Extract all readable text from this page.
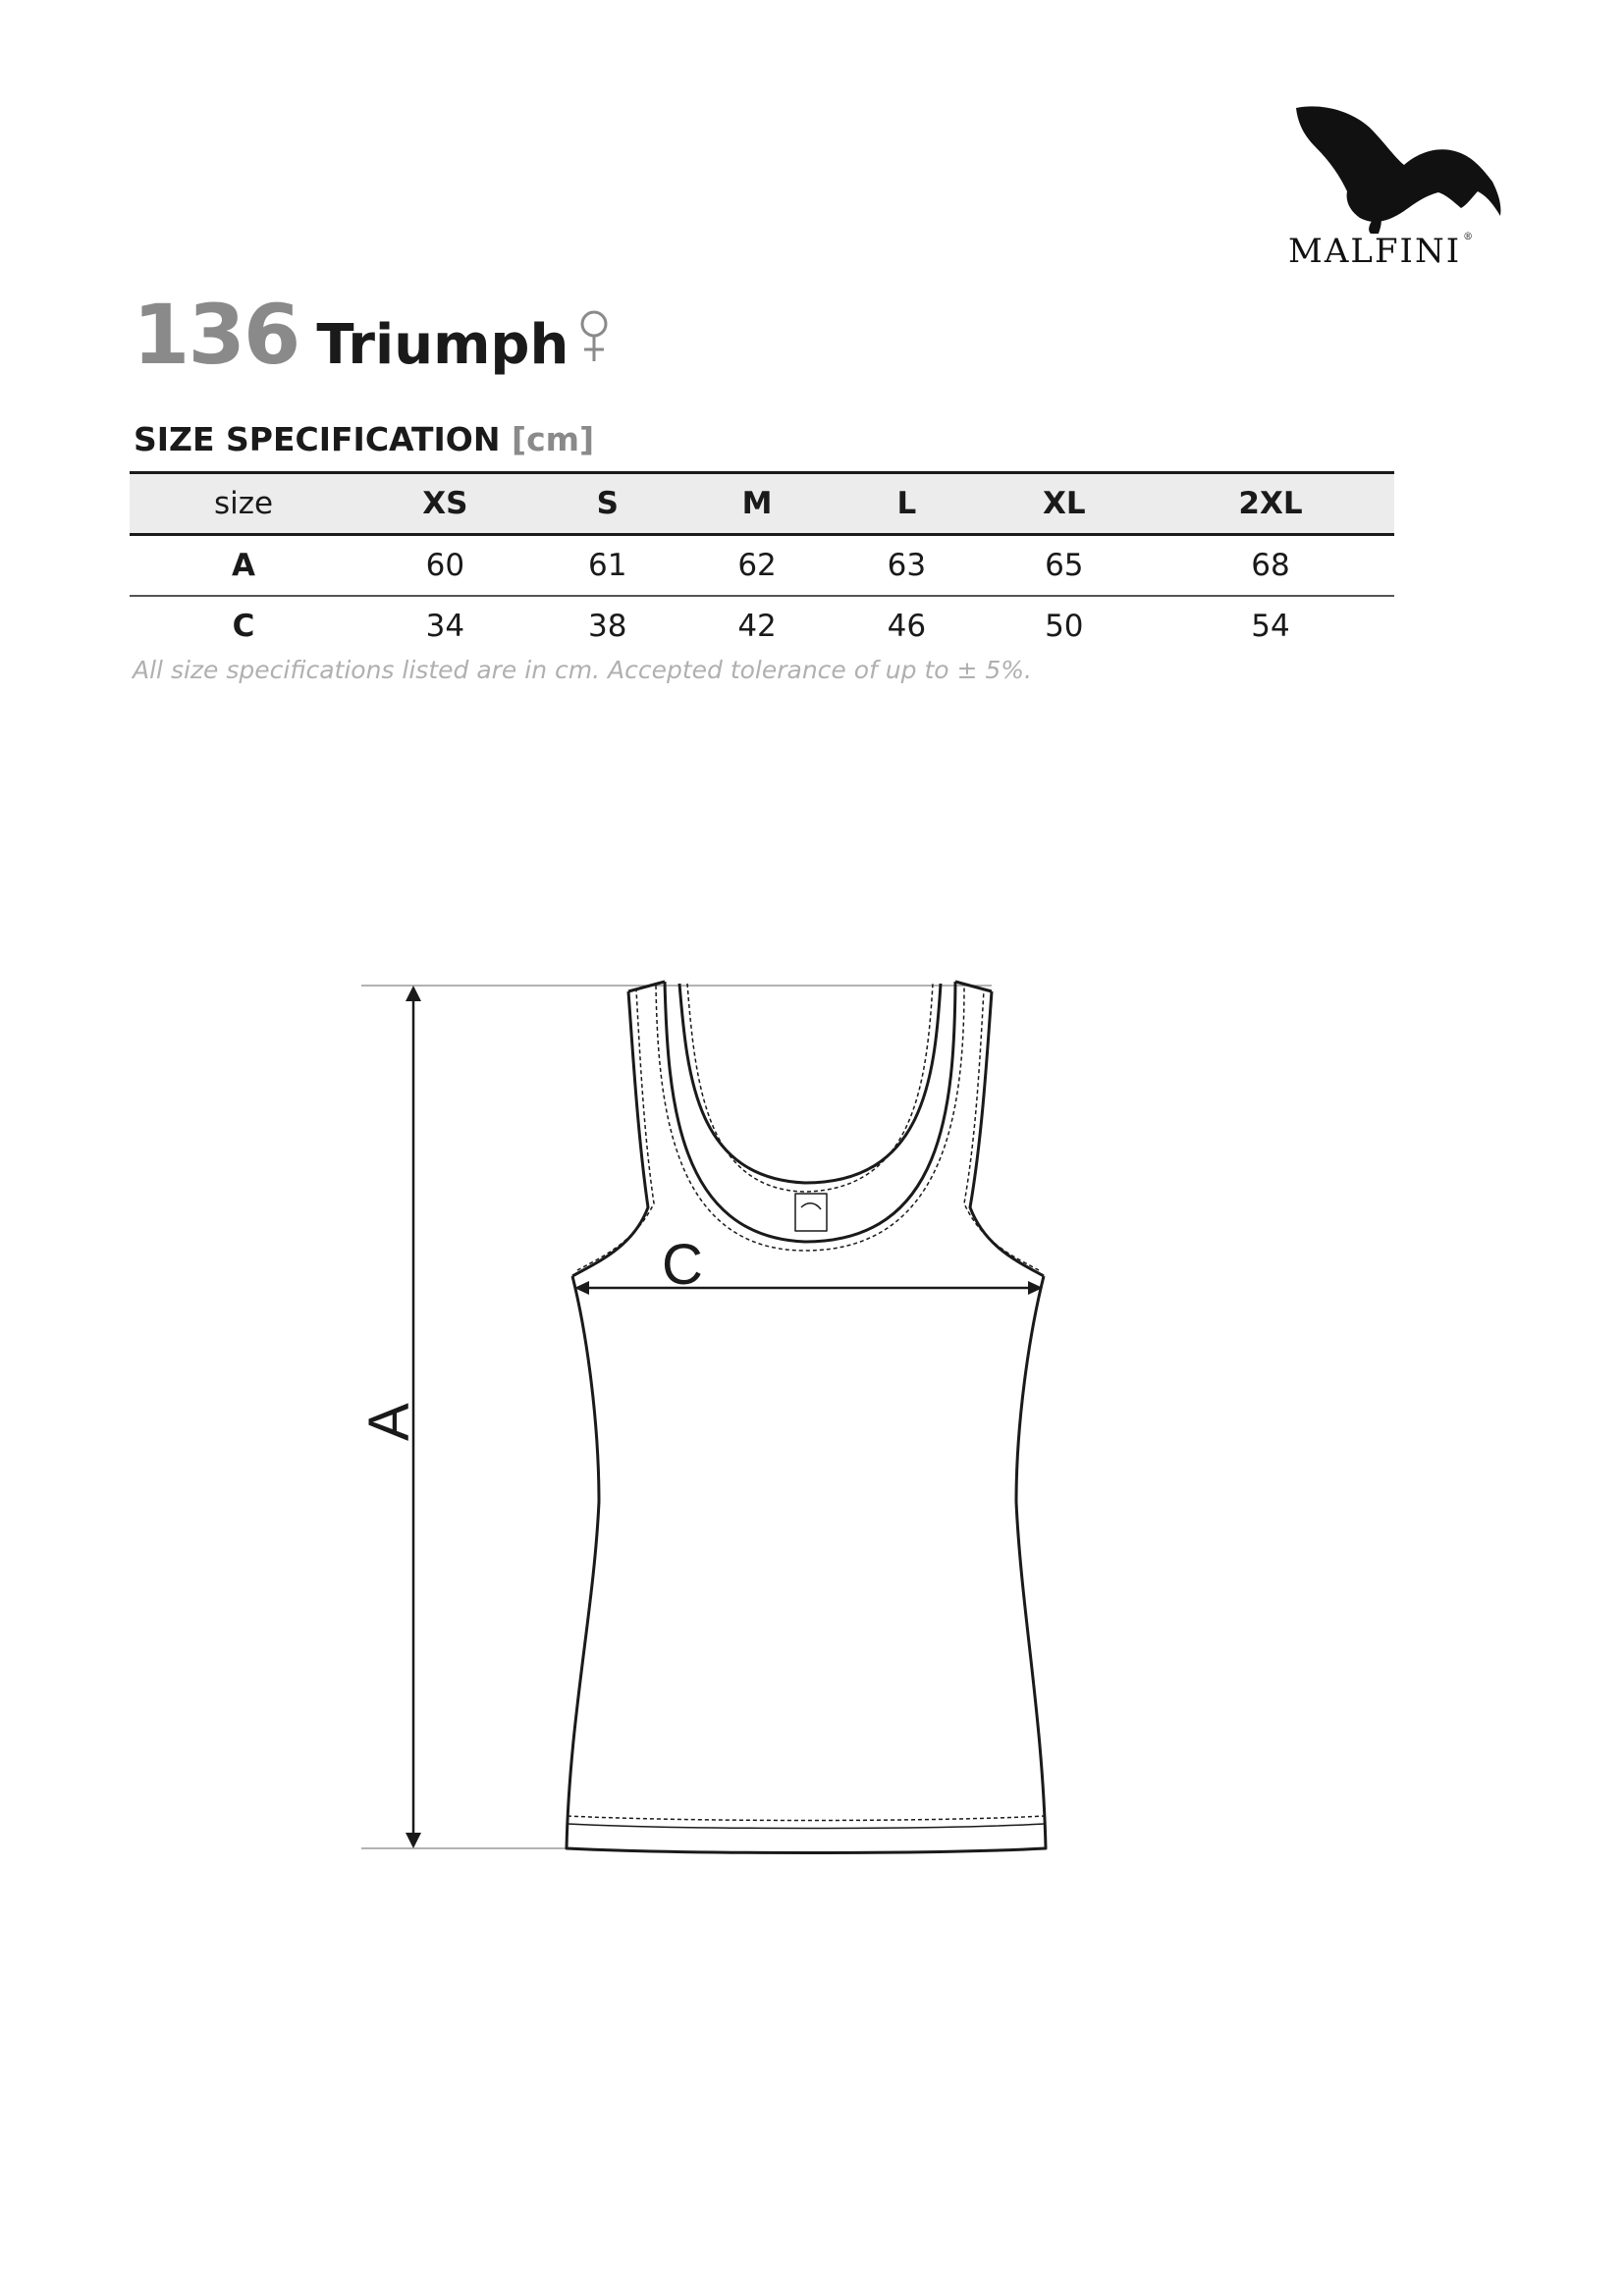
MALFINI ®
136 Triumph
SIZE SPECIFICATION [cm]
size	XS	S	M	L	XL	2XL
A	60	61	62	63	65	68
C	34	38	42	46	50	54
All size specifications listed are in cm. Accepted tolerance of up to ± 5%.
C
A
